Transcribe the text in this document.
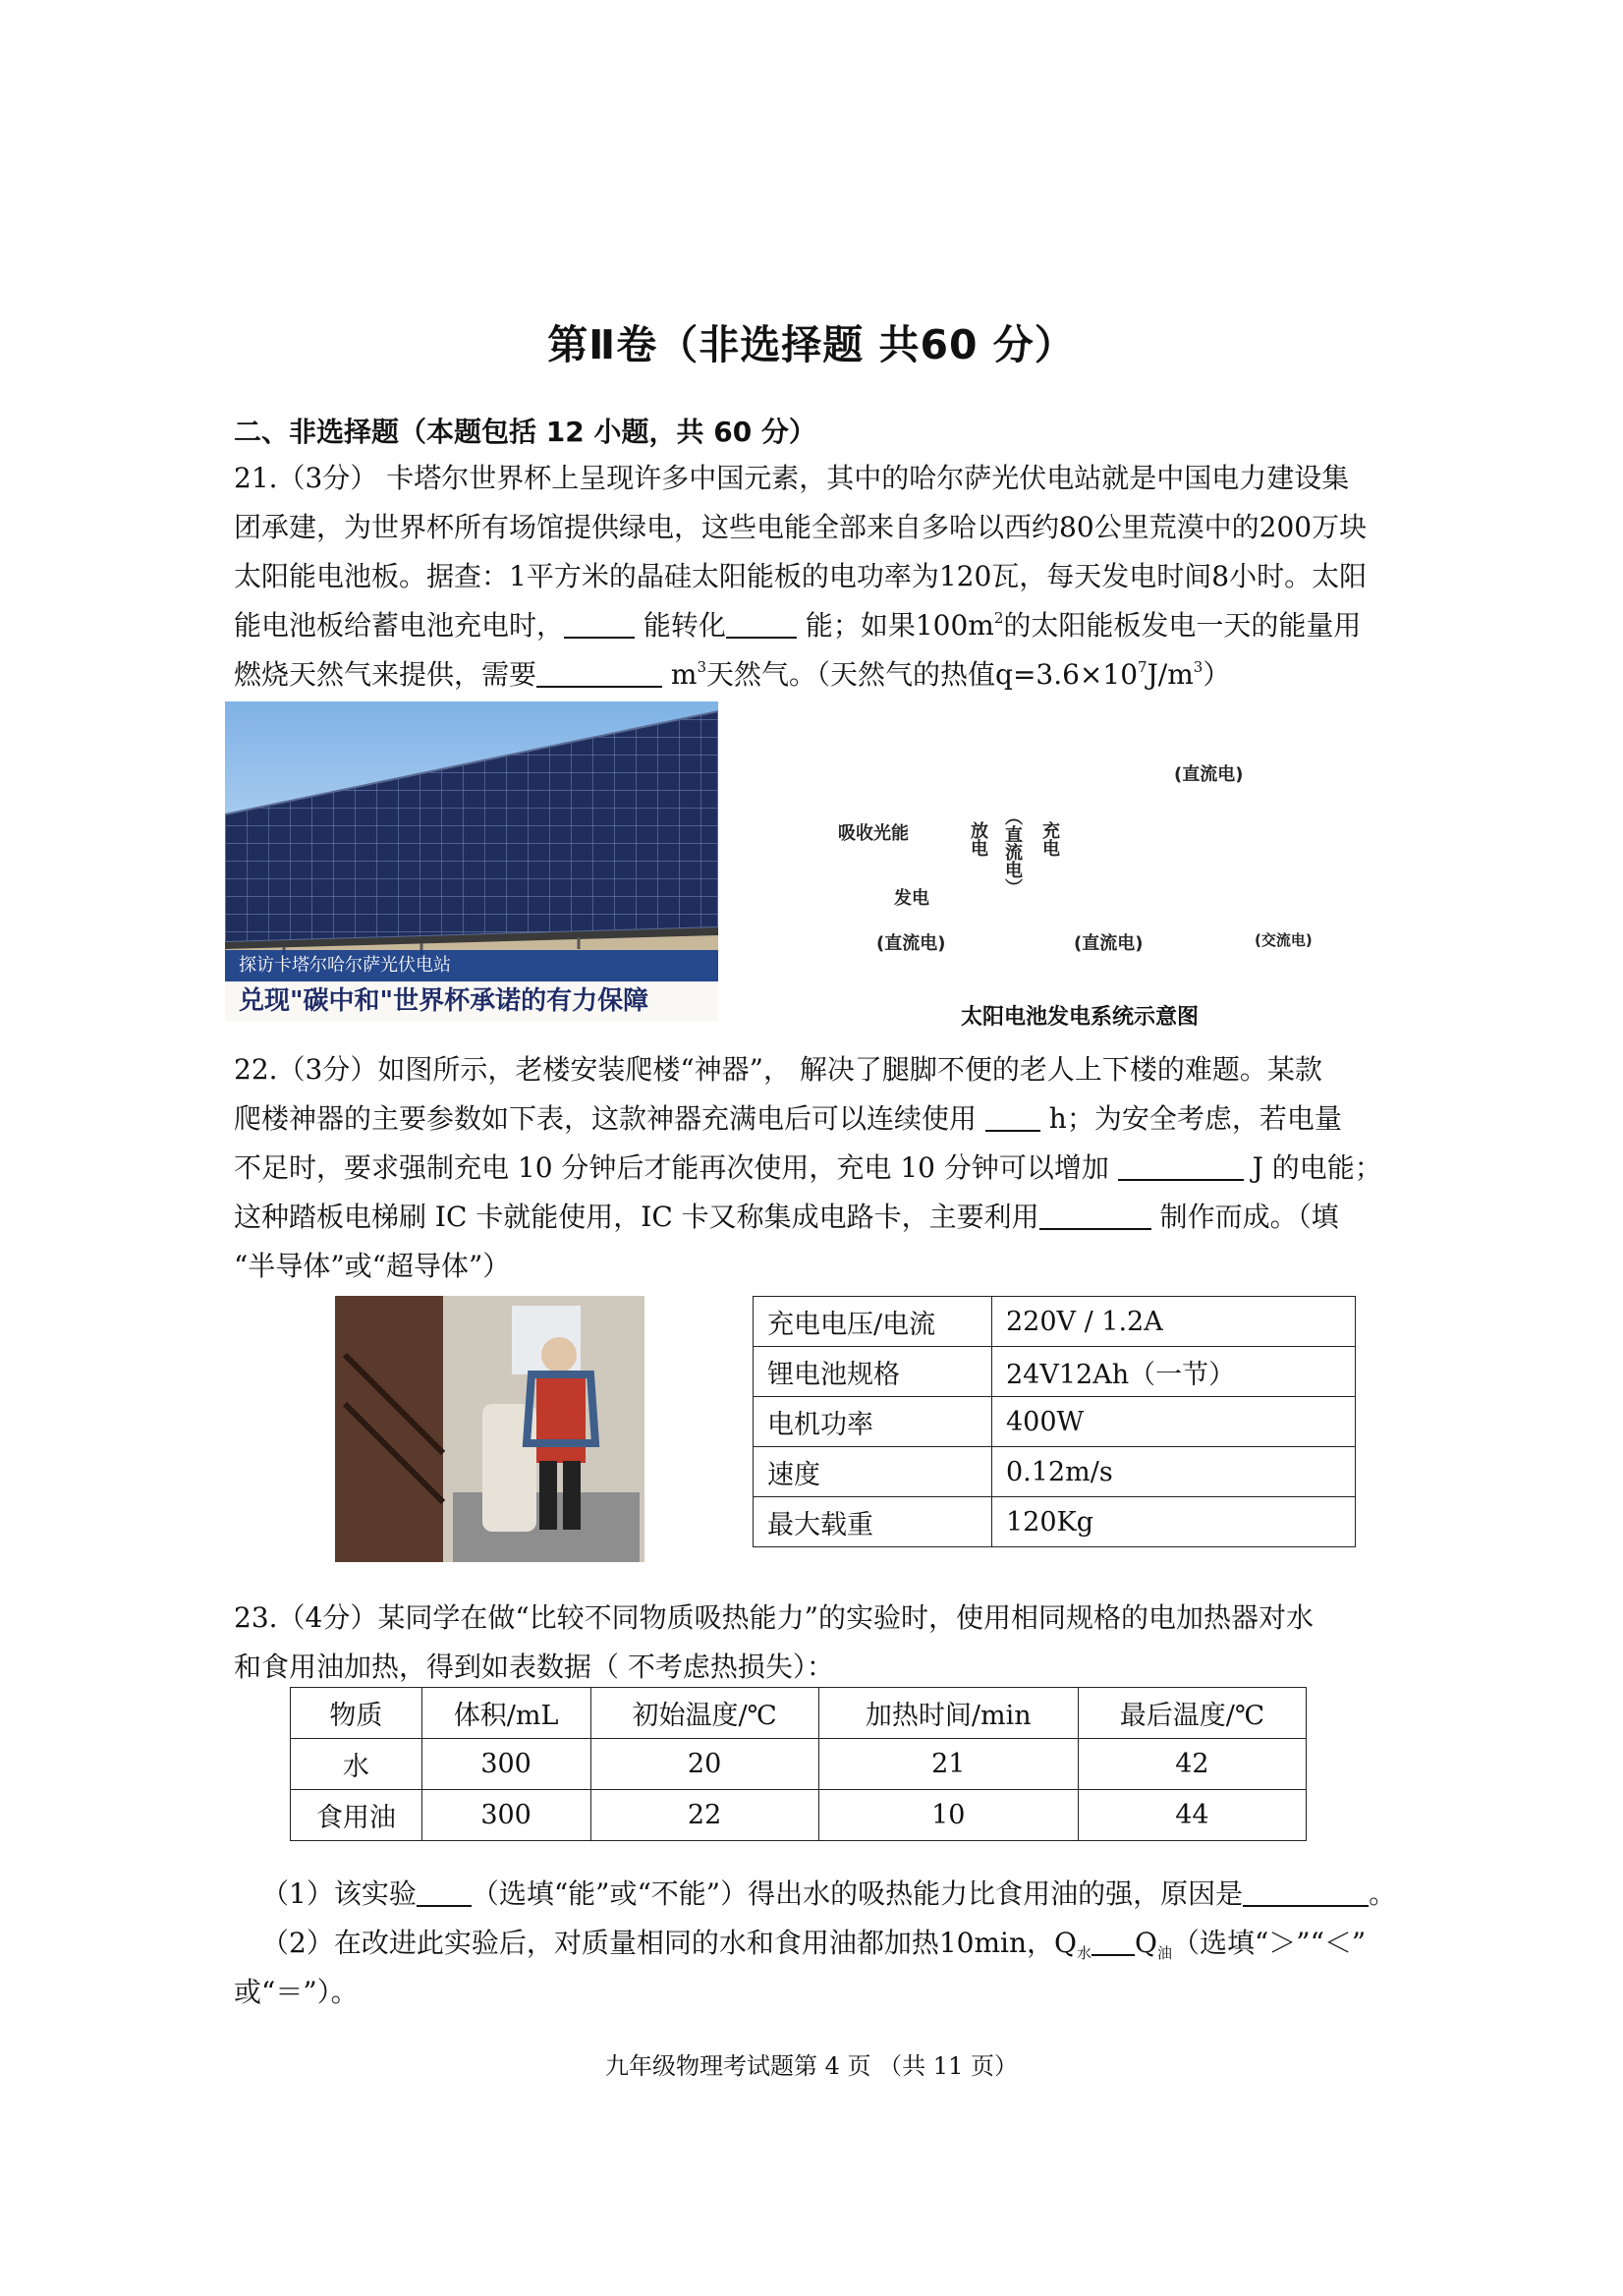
第Ⅱ卷（非选择题 共60 分）
二、非选择题（本题包括 12 小题，共 60 分）
21.（3分） 卡塔尔世界杯上呈现许多中国元素，其中的哈尔萨光伏电站就是中国电力建设集
团承建，为世界杯所有场馆提供绿电，这些电能全部来自多哈以西约80公里荒漠中的200万块
太阳能电池板。据查：1平方米的晶硅太阳能板的电功率为120瓦，每天发电时间8小时。太阳
能电池板给蓄电池充电时，	能转化	能；如果$100m^2$的太阳能板发电一天的能量用
燃烧天然气来提供，需要	$m^3$天然气。（天然气的热值$q=3.6\times 10^7J/m^3$）
探访卡塔尔哈尔萨光伏电站
兑现"碳中和"世界杯承诺的有力保障
(直流电)
吸收光能	放电 （直流电） 充电
发电
(直流电)	(直流电)	(交流电)
太阳电池发电系统示意图
22.（3分）如图所示，老楼安装爬楼“神器”， 解决了腿脚不便的老人上下楼的难题。某款
爬楼神器的主要参数如下表，这款神器充满电后可以连续使用  h；为安全考虑，若电量
不足时，要求强制充电 10 分钟后才能再次使用，充电 10 分钟可以增加	J 的电能；
这种踏板电梯刷 IC 卡就能使用，IC 卡又称集成电路卡，主要利用	制作而成。（填
“半导体”或“超导体”）
充电电压/电流	220V / 1.2A
锂电池规格	24V12Ah（一节）
电机功率	400W
速度	0.12m/s
最大载重	120Kg
23.（4分）某同学在做“比较不同物质吸热能力”的实验时，使用相同规格的电加热器对水
和食用油加热，得到如表数据（ 不考虑热损失）：
物质	体积/mL	初始温度/℃	加热时间/min	最后温度/℃
水	300	20	21	42
食用油	300	22	10	44
（1）该实验 （选填“能”或“不能”）得出水的吸热能力比食用油的强，原因是	。
（2）在改进此实验后，对质量相同的水和食用油都加热10min，$Q_水$ $Q_油$（选填“＞”“＜”
或“＝”）。
九年级物理考试题第 4 页 （共 11 页）
